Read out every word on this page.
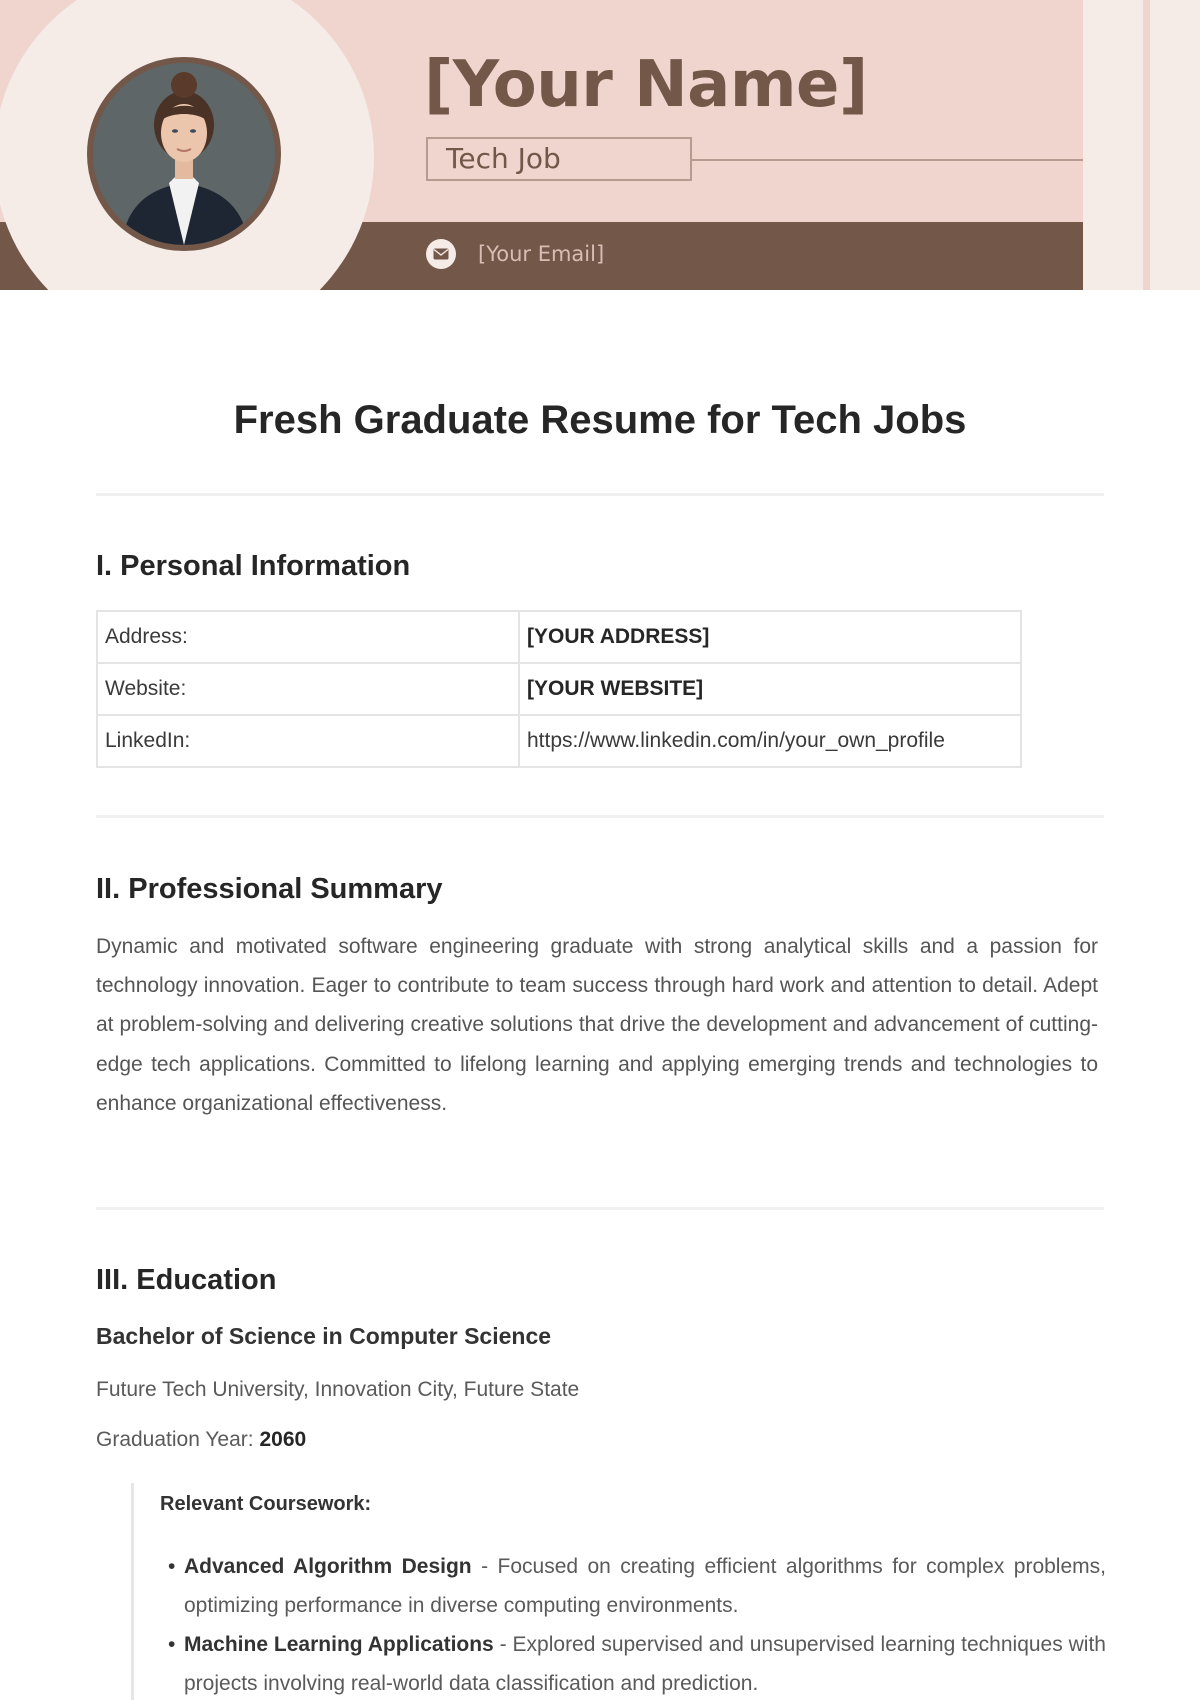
[Your Name]
Tech Job
[Your Email]
Fresh Graduate Resume for Tech Jobs
I. Personal Information
Address:	[YOUR ADDRESS]
Website:	[YOUR WEBSITE]
LinkedIn:	https://www.linkedin.com/in/your_own_profile
II. Professional Summary

Dynamic and motivated software engineering graduate with strong analytical skills and a passion for technology innovation. Eager to contribute to team success through hard work and attention to detail. Adept at problem-solving and delivering creative solutions that drive the development and advancement of cutting-edge tech applications. Committed to lifelong learning and applying emerging trends and technologies to enhance organizational effectiveness.

III. Education
Bachelor of Science in Computer Science
Future Tech University, Innovation City, Future State
Graduation Year: 2060
Relevant Coursework:
• Advanced Algorithm Design - Focused on creating efficient algorithms for complex problems, optimizing performance in diverse computing environments.
• Machine Learning Applications - Explored supervised and unsupervised learning techniques with projects involving real-world data classification and prediction.
